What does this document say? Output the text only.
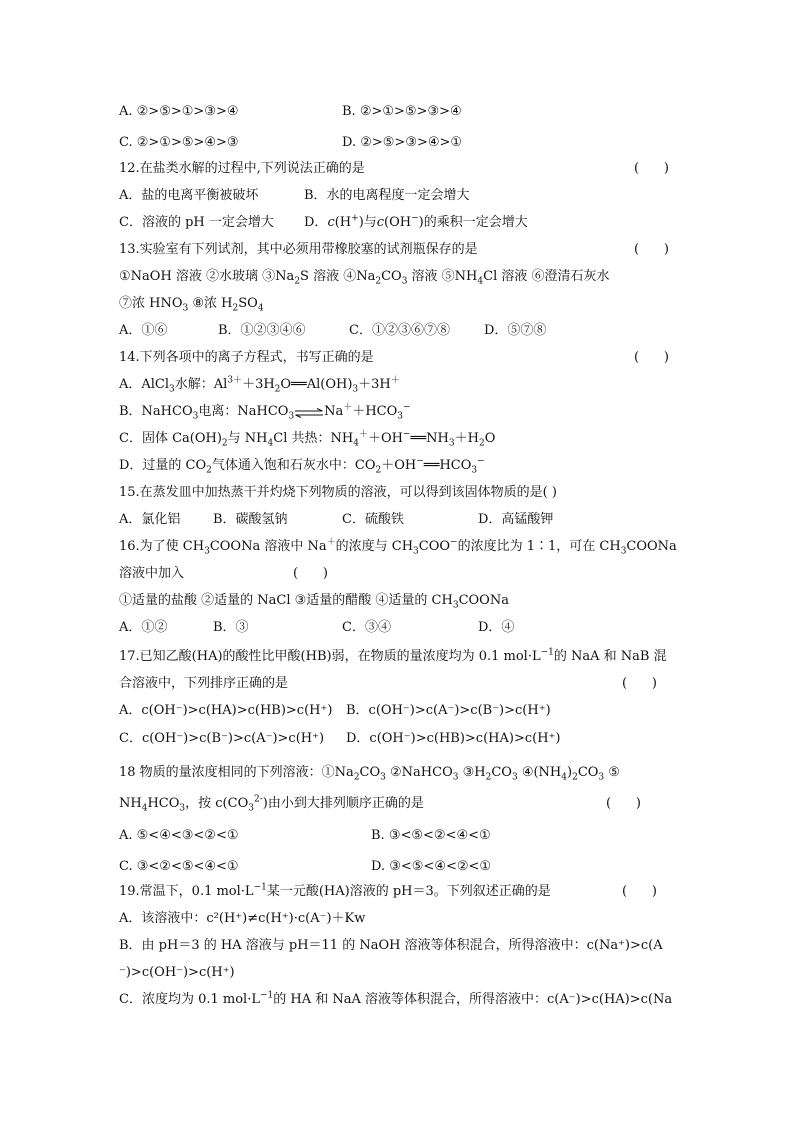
A. ②>⑤>①>③>④	B. ②>①>⑤>③>④
C. ②>①>⑤>④>③	D. ②>⑤>③>④>①
12.在盐类水解的过程中,下列说法正确的是	(      )
A．盐的电离平衡被破坏	B．水的电离程度一定会增大
C．溶液的 pH 一定会增大 D．c(H+)与c(OH−)的乘积一定会增大
13.实验室有下列试剂，其中必须用带橡胶塞的试剂瓶保存的是	(      )
①NaOH 溶液 ②水玻璃 $③Na_2S$ 溶液 $④Na_2CO_3$ 溶液 $⑤NH_4Cl$ 溶液 ⑥澄清石灰水
⑦浓 $HNO_3$ ⑧浓 $H_2SO_4$
A．①⑥	B．①②③④⑥	C．①②③⑥⑦⑧	D．⑤⑦⑧
14.下列各项中的离子方程式，书写正确的是	(      )
A．AlCl$_3$水解：$Al^{3+}+3H_2O══Al(OH)_3+3H^+$
B．NaHCO$_3$电离：NaHCO$_3$ $\rightleftharpoons Na^++HCO_3^-$
C．固体 $Ca(OH)_2$与 $NH_4Cl$ 共热：$NH_4^++OH^-══NH_3+H_2O$
D．过量的 $CO_2$气体通入饱和石灰水中：$CO_2+OH^-══HCO_3^-$
15.在蒸发皿中加热蒸干并灼烧下列物质的溶液，可以得到该固体物质的是( )
A．氯化铝	B．碳酸氢钠	C．硫酸铁	D．高锰酸钾
16.为了使 $CH_3COONa$ 溶液中 Na＋的浓度与 $CH_3COO^-$的浓度比为 1∶1，可在 $CH_3COONa$
溶液中加入	(      )
①适量的盐酸 ②适量的 NaCl ③适量的醋酸 ④适量的 $CH_3COONa$
A．①②	B．③	C．③④	D．④
17.已知乙酸(HA)的酸性比甲酸(HB)弱，在物质的量浓度均为 0.1 $mol\cdot L^{-1}$的 NaA 和 NaB 混
合溶液中，下列排序正确的是	(      )
A．c(OH⁻)>c(HA)>c(HB)>c(H⁺) B．c(OH⁻)>c(A⁻)>c(B⁻)>c(H⁺)
C．c(OH⁻)>c(B⁻)>c(A⁻)>c(H⁺) D．c(OH⁻)>c(HB)>c(HA)>c(H⁺)
18 物质的量浓度相同的下列溶液：$①Na_2CO_3$ ②NaHCO$_3$ $③H_2CO_3$ $④(NH_4)_2CO_3$ ⑤
$NH_4HCO_3$，按 $c(CO_3^{2-})$由小到大排列顺序正确的是	(      )
A. ⑤<④<③<②<①	B. ③<⑤<②<④<①
C. ③<②<⑤<④<①	D. ③<⑤<④<②<①
19.常温下，0.1 $mol\cdot L^{-1}$某一元酸(HA)溶液的 pH＝3。下列叙述正确的是	(      )
A．该溶液中：c²(H⁺)≠c(H⁺)·c(A⁻)＋Kw
B．由 pH＝3 的 HA 溶液与 pH＝11 的 NaOH 溶液等体积混合，所得溶液中：c(Na⁺)>c(A
⁻)>c(OH⁻)>c(H⁺)
C．浓度均为 0.1 $mol\cdot L^{-1}$的 HA 和 NaA 溶液等体积混合，所得溶液中：c(A⁻)>c(HA)>c(Na
